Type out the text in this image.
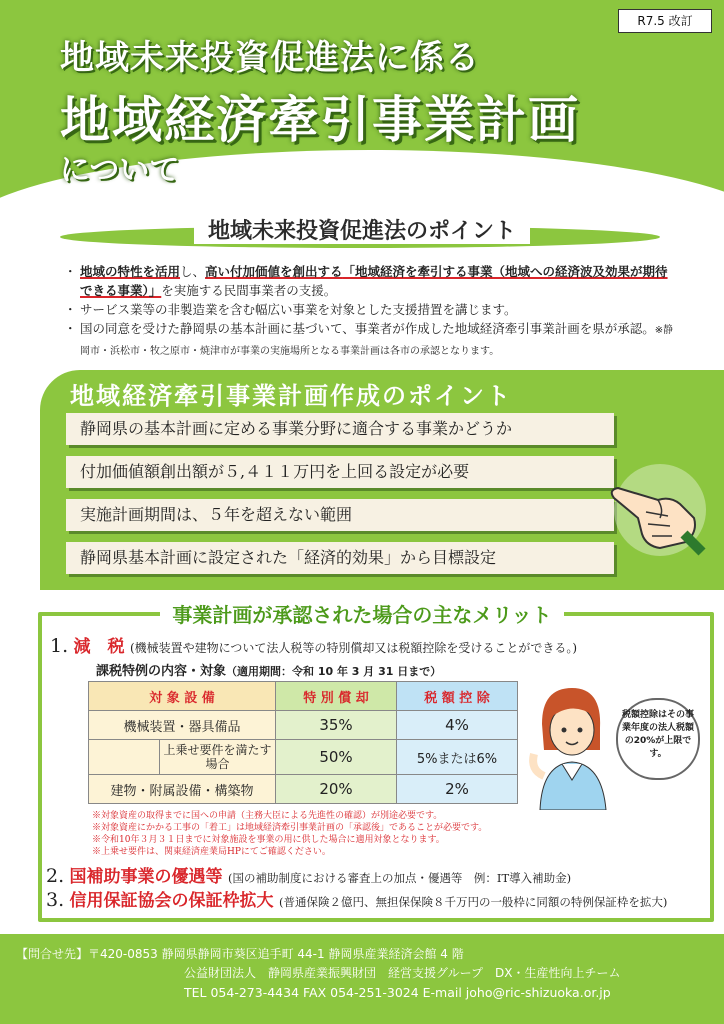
R7.5 改訂
地域未来投資促進法に係る
地域経済牽引事業計画
について
地域未来投資促進法のポイント
・ 地域の特性を活用し、高い付加価値を創出する「地域経済を牽引する事業（地域への経済波及効果が期待できる事業）」を実施する民間事業者の支援。
・ サービス業等の非製造業を含む幅広い事業を対象とした支援措置を講じます。
・ 国の同意を受けた静岡県の基本計画に基づいて、事業者が作成した地域経済牽引事業計画を県が承認。※静岡市・浜松市・牧之原市・焼津市が事業の実施場所となる事業計画は各市の承認となります。
地域経済牽引事業計画作成のポイント
静岡県の基本計画に定める事業分野に適合する事業かどうか
付加価値額創出額が５,４１１万円を上回る設定が必要
実施計画期間は、５年を超えない範囲
静岡県基本計画に設定された「経済的効果」から目標設定
事業計画が承認された場合の主なメリット
1. 減　税 (機械装置や建物について法人税等の特別償却又は税額控除を受けることができる。)
課税特例の内容・対象（適用期間：令和 10 年 3 月 31 日まで）
対 象 設 備		特 別 償 却	税 額 控 除
機械装置・器具備品		35%	4%
	上乗せ要件を満たす場合	50%	5%または6%
建物・附属設備・構築物		20%	2%
税額控除はその事業年度の法人税額の20%が上限です。
※対象資産の取得までに国への申請（主務大臣による先進性の確認）が別途必要です。
※対象資産にかかる工事の「着工」は地域経済牽引事業計画の「承認後」であることが必要です。
※令和10年３月３１日までに対象施設を事業の用に供した場合に適用対象となります。
※上乗せ要件は、関東経済産業局HPにてご確認ください。
2. 国補助事業の優遇等 (国の補助制度における審査上の加点・優遇等　例：IT導入補助金)
3. 信用保証協会の保証枠拡大 (普通保険２億円、無担保保険８千万円の一般枠に同額の特例保証枠を拡大)
【問合せ先】〒420-0853 静岡県静岡市葵区追手町 44-1 静岡県産業経済会館 4 階
公益財団法人　静岡県産業振興財団　経営支援グループ　DX・生産性向上チーム
TEL 054-273-4434 FAX 054-251-3024 E-mail joho@ric-shizuoka.or.jp
